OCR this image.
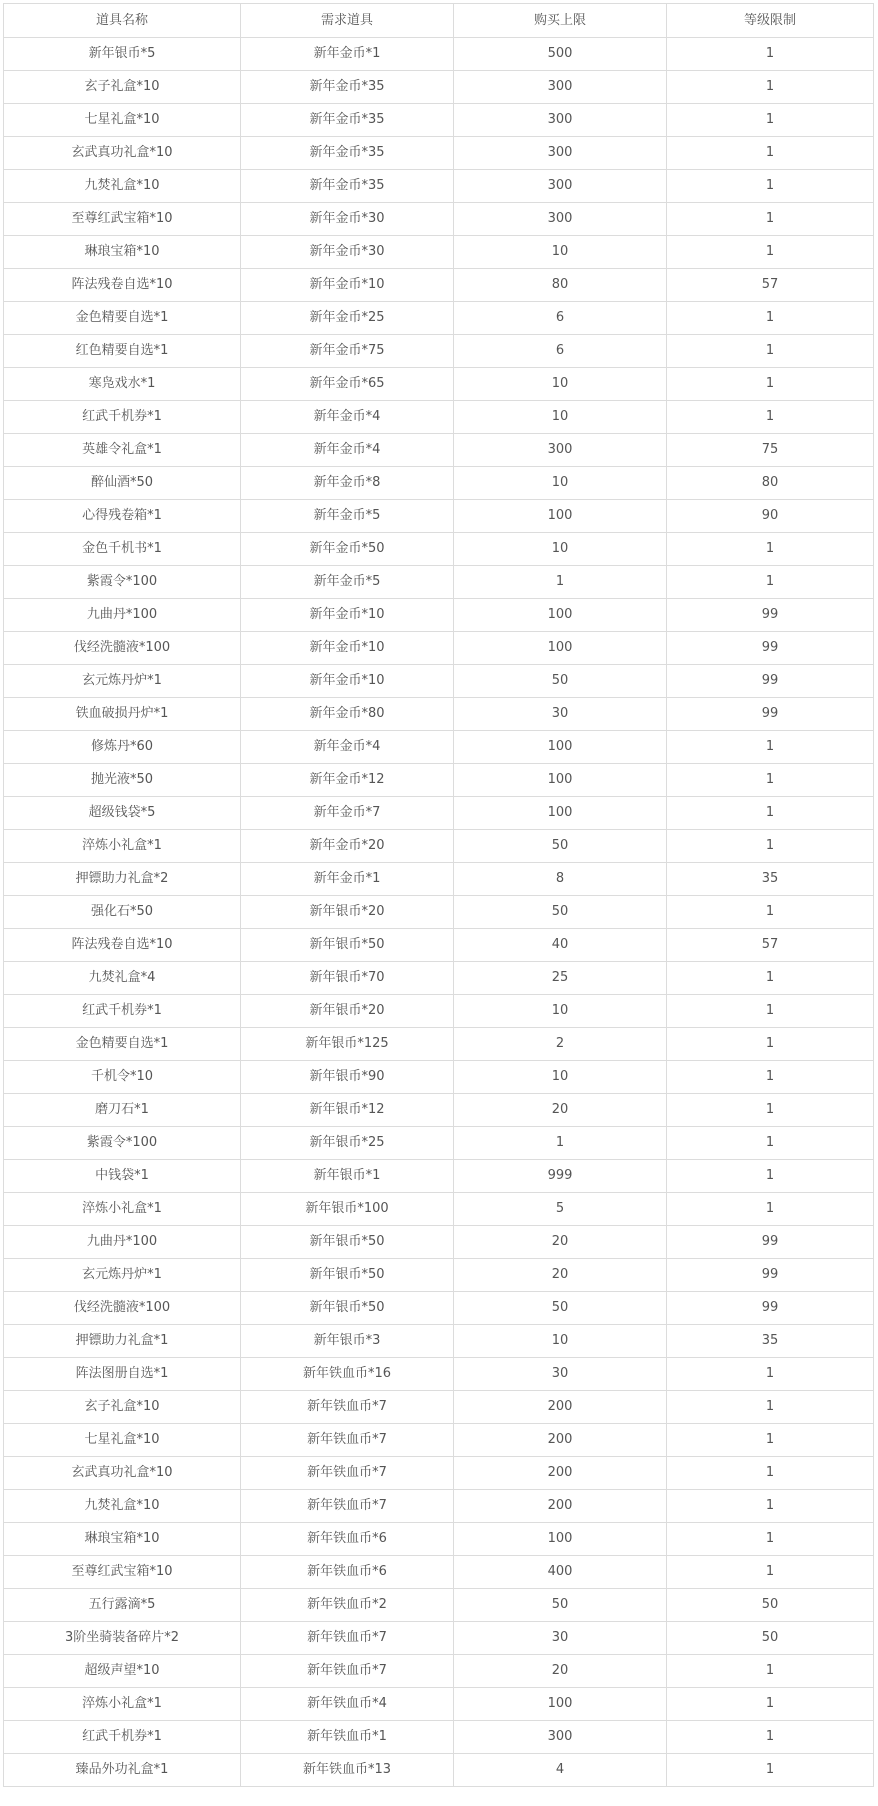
道具名称	需求道具	购买上限	等级限制
新年银币*5	新年金币*1	500	1
玄子礼盒*10	新年金币*35	300	1
七星礼盒*10	新年金币*35	300	1
玄武真功礼盒*10	新年金币*35	300	1
九焚礼盒*10	新年金币*35	300	1
至尊红武宝箱*10	新年金币*30	300	1
琳琅宝箱*10	新年金币*30	10	1
阵法残卷自选*10	新年金币*10	80	57
金色精要自选*1	新年金币*25	6	1
红色精要自选*1	新年金币*75	6	1
寒凫戏水*1	新年金币*65	10	1
红武千机券*1	新年金币*4	10	1
英雄令礼盒*1	新年金币*4	300	75
醉仙酒*50	新年金币*8	10	80
心得残卷箱*1	新年金币*5	100	90
金色千机书*1	新年金币*50	10	1
紫霞令*100	新年金币*5	1	1
九曲丹*100	新年金币*10	100	99
伐经洗髓液*100	新年金币*10	100	99
玄元炼丹炉*1	新年金币*10	50	99
铁血破损丹炉*1	新年金币*80	30	99
修炼丹*60	新年金币*4	100	1
抛光液*50	新年金币*12	100	1
超级钱袋*5	新年金币*7	100	1
淬炼小礼盒*1	新年金币*20	50	1
押镖助力礼盒*2	新年金币*1	8	35
强化石*50	新年银币*20	50	1
阵法残卷自选*10	新年银币*50	40	57
九焚礼盒*4	新年银币*70	25	1
红武千机券*1	新年银币*20	10	1
金色精要自选*1	新年银币*125	2	1
千机令*10	新年银币*90	10	1
磨刀石*1	新年银币*12	20	1
紫霞令*100	新年银币*25	1	1
中钱袋*1	新年银币*1	999	1
淬炼小礼盒*1	新年银币*100	5	1
九曲丹*100	新年银币*50	20	99
玄元炼丹炉*1	新年银币*50	20	99
伐经洗髓液*100	新年银币*50	50	99
押镖助力礼盒*1	新年银币*3	10	35
阵法图册自选*1	新年铁血币*16	30	1
玄子礼盒*10	新年铁血币*7	200	1
七星礼盒*10	新年铁血币*7	200	1
玄武真功礼盒*10	新年铁血币*7	200	1
九焚礼盒*10	新年铁血币*7	200	1
琳琅宝箱*10	新年铁血币*6	100	1
至尊红武宝箱*10	新年铁血币*6	400	1
五行露滴*5	新年铁血币*2	50	50
3阶坐骑装备碎片*2	新年铁血币*7	30	50
超级声望*10	新年铁血币*7	20	1
淬炼小礼盒*1	新年铁血币*4	100	1
红武千机券*1	新年铁血币*1	300	1
臻品外功礼盒*1	新年铁血币*13	4	1
